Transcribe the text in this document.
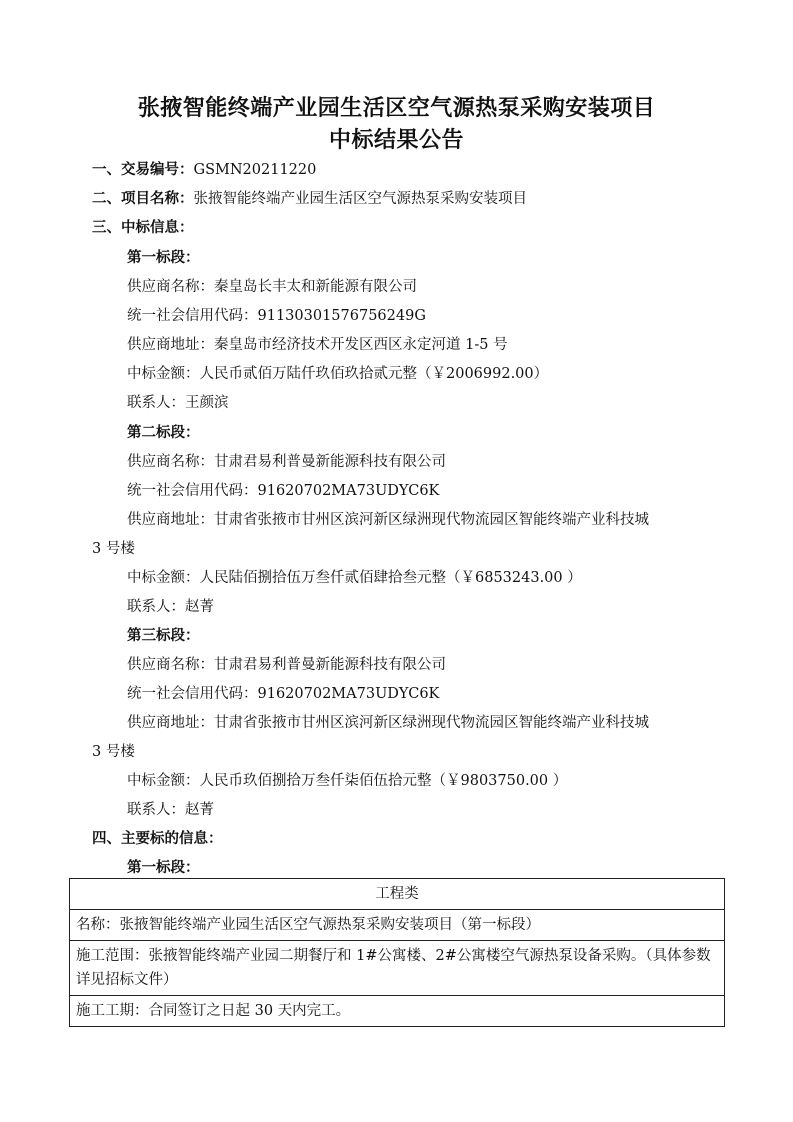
张掖智能终端产业园生活区空气源热泵采购安装项目
中标结果公告
一、交易编号：GSMN20211220
二、项目名称：张掖智能终端产业园生活区空气源热泵采购安装项目
三、中标信息：
第一标段：
供应商名称：秦皇岛长丰太和新能源有限公司
统一社会信用代码：91130301576756249G
供应商地址：秦皇岛市经济技术开发区西区永定河道 1-5 号
中标金额：人民币贰佰万陆仟玖佰玖拾贰元整（￥2006992.00）
联系人：王颜滨
第二标段：
供应商名称：甘肃君易利普曼新能源科技有限公司
统一社会信用代码：91620702MA73UDYC6K
供应商地址：甘肃省张掖市甘州区滨河新区绿洲现代物流园区智能终端产业科技城
3 号楼
中标金额：人民陆佰捌拾伍万叁仟贰佰肆拾叁元整（￥6853243.00 ）
联系人：赵菁
第三标段：
供应商名称：甘肃君易利普曼新能源科技有限公司
统一社会信用代码：91620702MA73UDYC6K
供应商地址：甘肃省张掖市甘州区滨河新区绿洲现代物流园区智能终端产业科技城
3 号楼
中标金额：人民币玖佰捌拾万叁仟柒佰伍拾元整（￥9803750.00 ）
联系人：赵菁
四、主要标的信息：
第一标段：
工程类
名称：张掖智能终端产业园生活区空气源热泵采购安装项目（第一标段）
施工范围：张掖智能终端产业园二期餐厅和 1#公寓楼、2#公寓楼空气源热泵设备采购。（具体参数详见招标文件）
施工工期：合同签订之日起 30 天内完工。
